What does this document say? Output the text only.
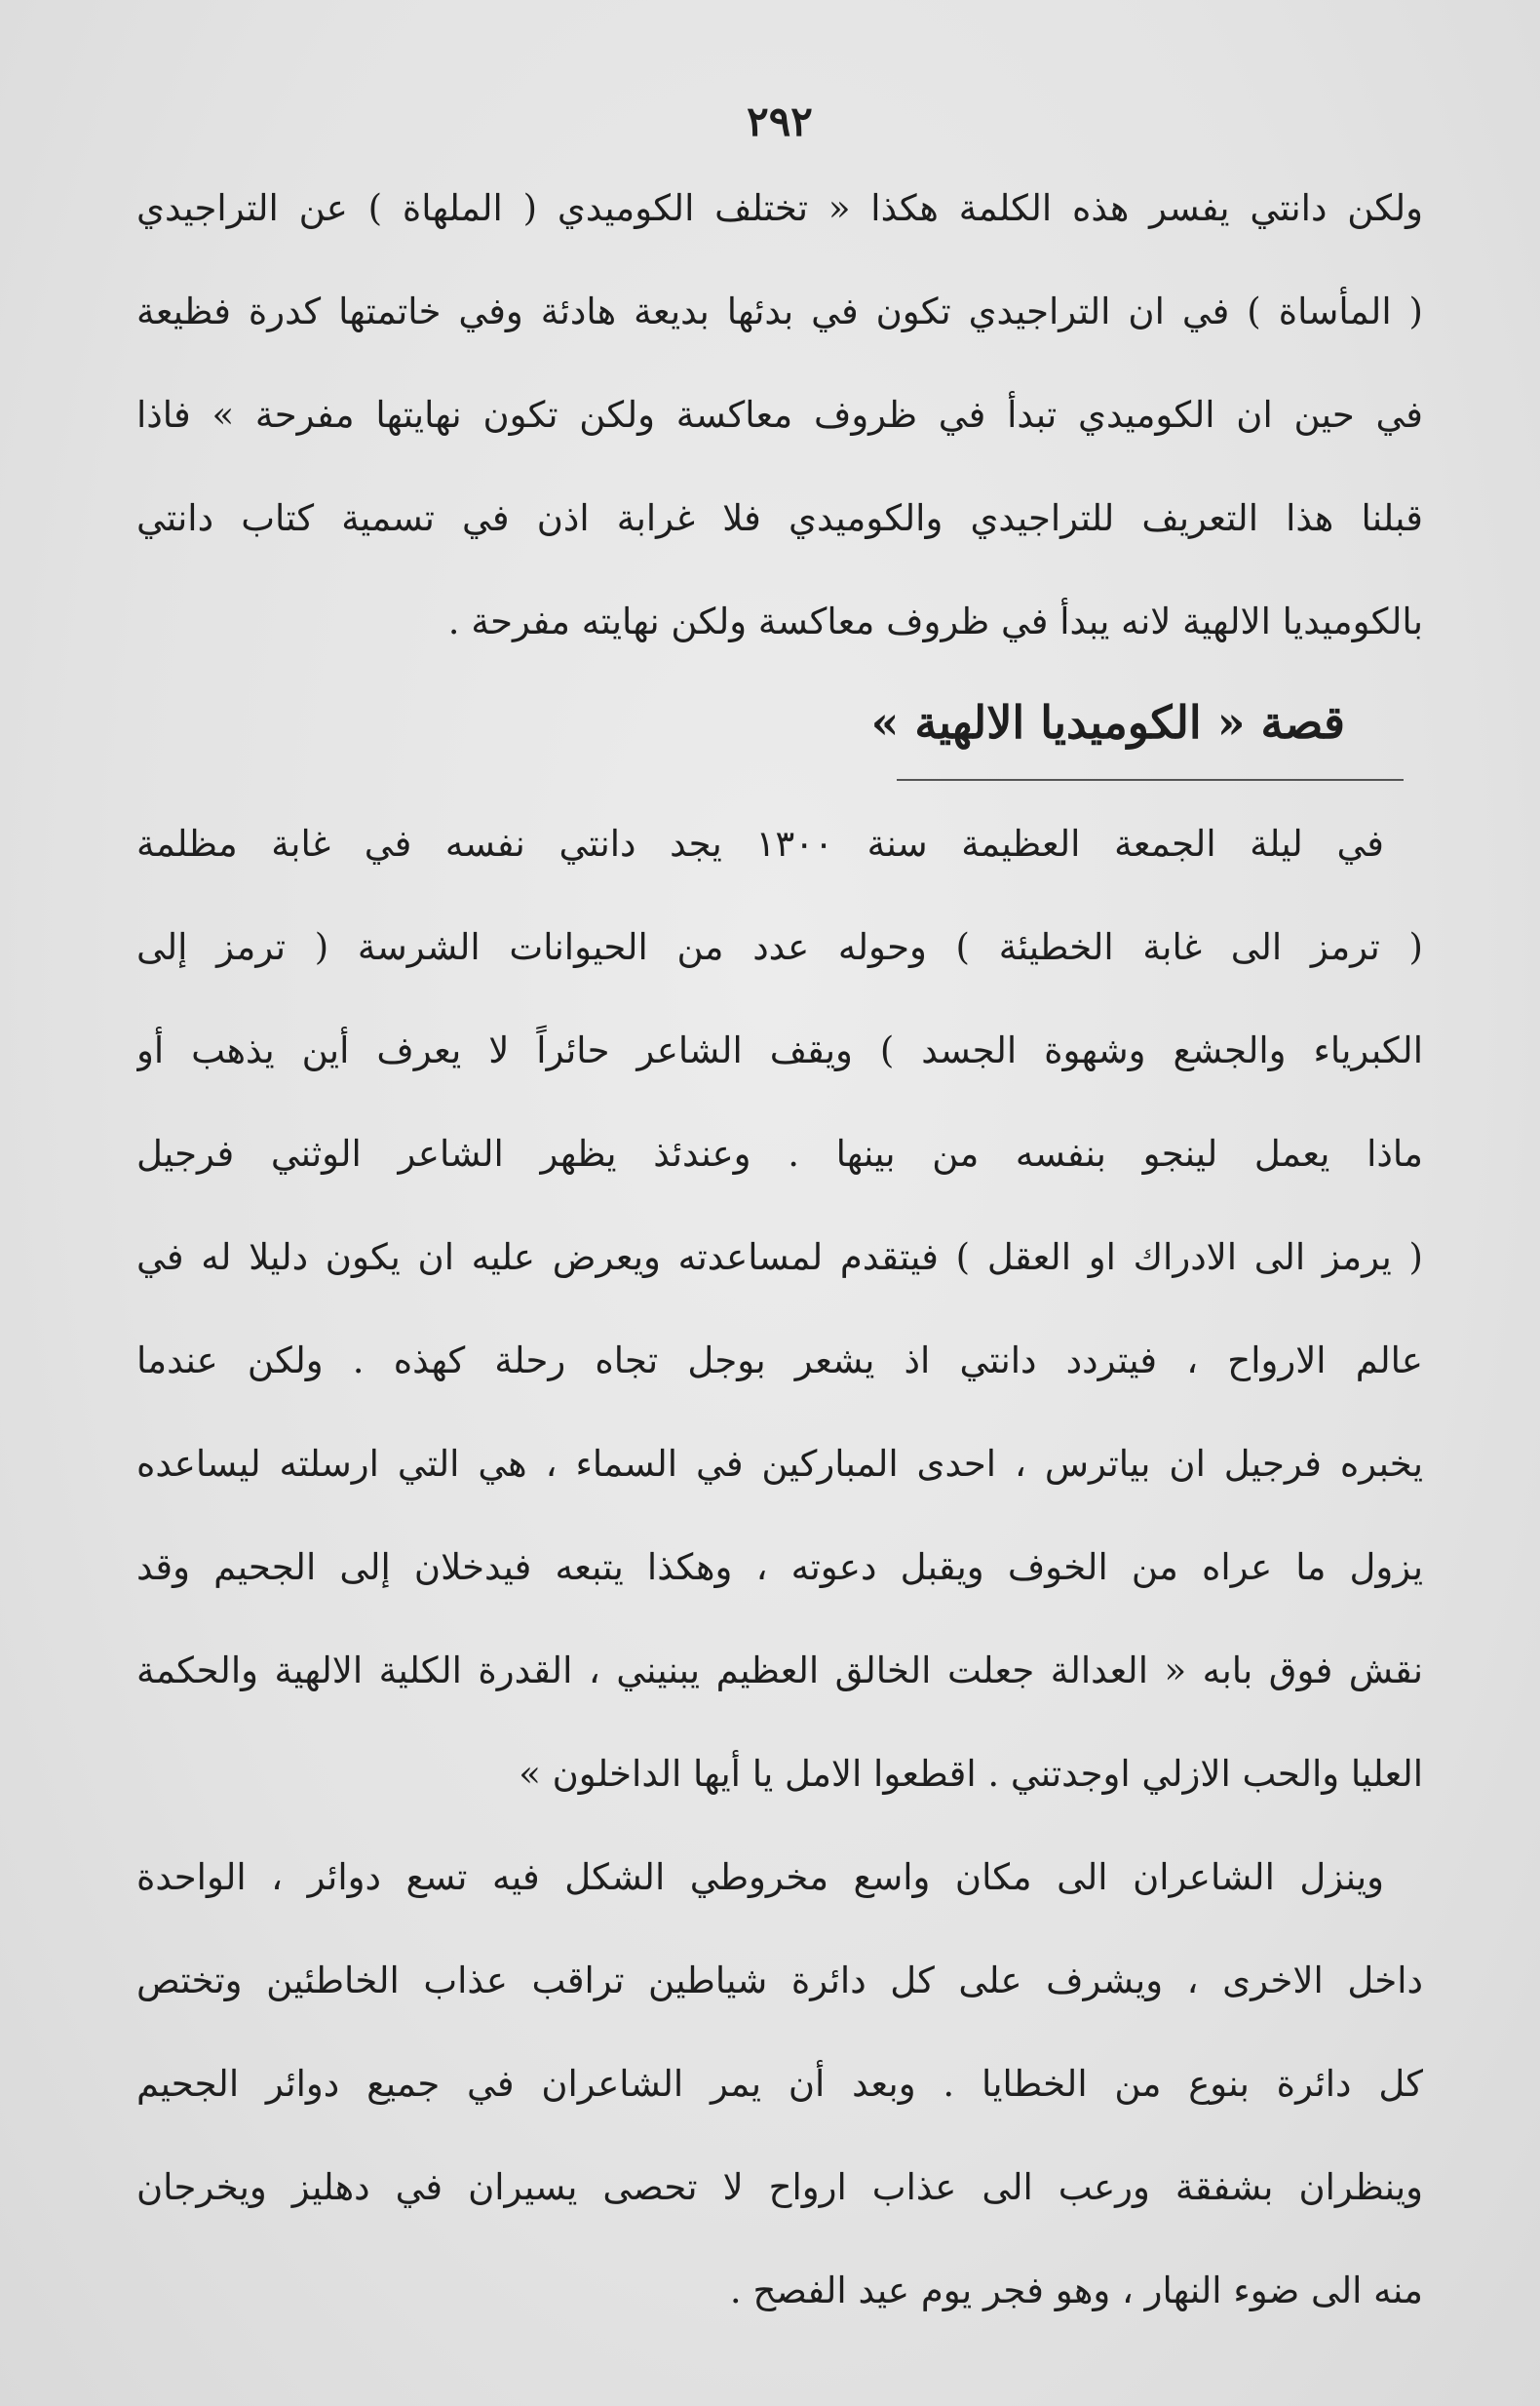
٢٩٢
ولكن دانتي يفسر هذه الكلمة هكذا « تختلف الكوميدي ( الملهاة ) عن التراجيدي
( المأساة ) في ان التراجيدي تكون في بدئها بديعة هادئة وفي خاتمتها كدرة فظيعة
في حين ان الكوميدي تبدأ في ظروف معاكسة ولكن تكون نهايتها مفرحة » فاذا
قبلنا هذا التعريف للتراجيدي والكوميدي فلا غرابة اذن في تسمية كتاب دانتي
بالكوميديا الالهية لانه يبدأ في ظروف معاكسة ولكن نهايته مفرحة .
قصة « الكوميديا الالهية »
في ليلة الجمعة العظيمة سنة ١٣٠٠ يجد دانتي نفسه في غابة مظلمة
( ترمز الى غابة الخطيئة ) وحوله عدد من الحيوانات الشرسة ( ترمز إلى
الكبرياء والجشع وشهوة الجسد ) ويقف الشاعر حائراً لا يعرف أين يذهب أو
ماذا يعمل لينجو بنفسه من بينها . وعندئذ يظهر الشاعر الوثني فرجيل
( يرمز الى الادراك او العقل ) فيتقدم لمساعدته ويعرض عليه ان يكون دليلا له في
عالم الارواح ، فيتردد دانتي اذ يشعر بوجل تجاه رحلة كهذه . ولكن عندما
يخبره فرجيل ان بياترس ، احدى المباركين في السماء ، هي التي ارسلته ليساعده
يزول ما عراه من الخوف ويقبل دعوته ، وهكذا يتبعه فيدخلان إلى الجحيم وقد
نقش فوق بابه « العدالة جعلت الخالق العظيم يبنيني ، القدرة الكلية الالهية والحكمة
العليا والحب الازلي اوجدتني . اقطعوا الامل يا أيها الداخلون »
وينزل الشاعران الى مكان واسع مخروطي الشكل فيه تسع دوائر ، الواحدة
داخل الاخرى ، ويشرف على كل دائرة شياطين تراقب عذاب الخاطئين وتختص
كل دائرة بنوع من الخطايا . وبعد أن يمر الشاعران في جميع دوائر الجحيم
وينظران بشفقة ورعب الى عذاب ارواح لا تحصى يسيران في دهليز ويخرجان
منه الى ضوء النهار ، وهو فجر يوم عيد الفصح .
